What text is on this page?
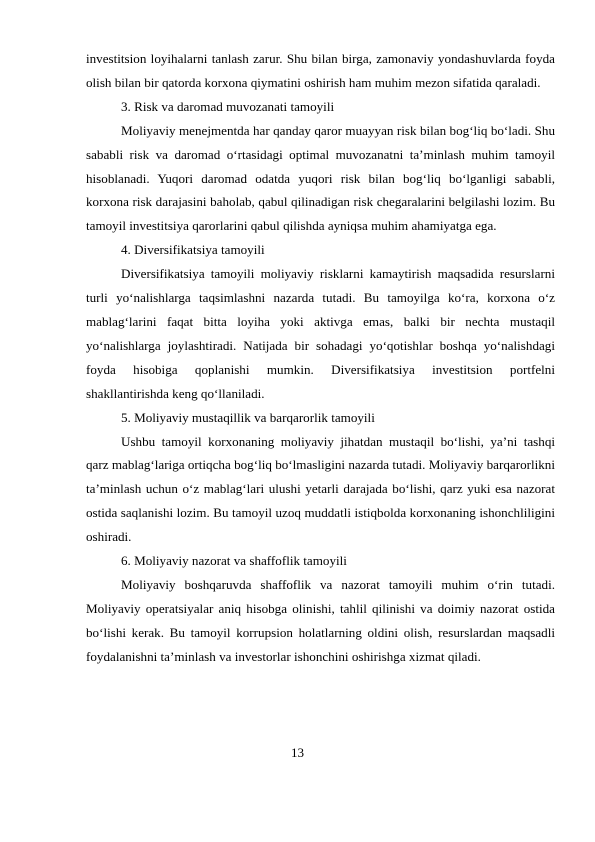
investitsion loyihalarni tanlash zarur. Shu bilan birga, zamonaviy yondashuvlarda foyda olish bilan bir qatorda korxona qiymatini oshirish ham muhim mezon sifatida qaraladi.

3. Risk va daromad muvozanati tamoyili

Moliyaviy menejmentda har qanday qaror muayyan risk bilan bog‘liq bo‘ladi. Shu sababli risk va daromad o‘rtasidagi optimal muvozanatni ta’minlash muhim tamoyil hisoblanadi. Yuqori daromad odatda yuqori risk bilan bog‘liq bo‘lganligi sababli, korxona risk darajasini baholab, qabul qilinadigan risk chegaralarini belgilashi lozim. Bu tamoyil investitsiya qarorlarini qabul qilishda ayniqsa muhim ahamiyatga ega.

4. Diversifikatsiya tamoyili

Diversifikatsiya tamoyili moliyaviy risklarni kamaytirish maqsadida resurslarni turli yo‘nalishlarga taqsimlashni nazarda tutadi. Bu tamoyilga ko‘ra, korxona o‘z mablag‘larini faqat bitta loyiha yoki aktivga emas, balki bir nechta mustaqil yo‘nalishlarga joylashtiradi. Natijada bir sohadagi yo‘qotishlar boshqa yo‘nalishdagi foyda hisobiga qoplanishi mumkin. Diversifikatsiya investitsion portfelni shakllantirishda keng qo‘llaniladi.

5. Moliyaviy mustaqillik va barqarorlik tamoyili

Ushbu tamoyil korxonaning moliyaviy jihatdan mustaqil bo‘lishi, ya’ni tashqi qarz mablag‘lariga ortiqcha bog‘liq bo‘lmasligini nazarda tutadi. Moliyaviy barqarorlikni ta’minlash uchun o‘z mablag‘lari ulushi yetarli darajada bo‘lishi, qarz yuki esa nazorat ostida saqlanishi lozim. Bu tamoyil uzoq muddatli istiqbolda korxonaning ishonchliligini oshiradi.

6. Moliyaviy nazorat va shaffoflik tamoyili

Moliyaviy boshqaruvda shaffoflik va nazorat tamoyili muhim o‘rin tutadi. Moliyaviy operatsiyalar aniq hisobga olinishi, tahlil qilinishi va doimiy nazorat ostida bo‘lishi kerak. Bu tamoyil korrupsion holatlarning oldini olish, resurslardan maqsadli foydalanishni ta’minlash va investorlar ishonchini oshirishga xizmat qiladi.

13
